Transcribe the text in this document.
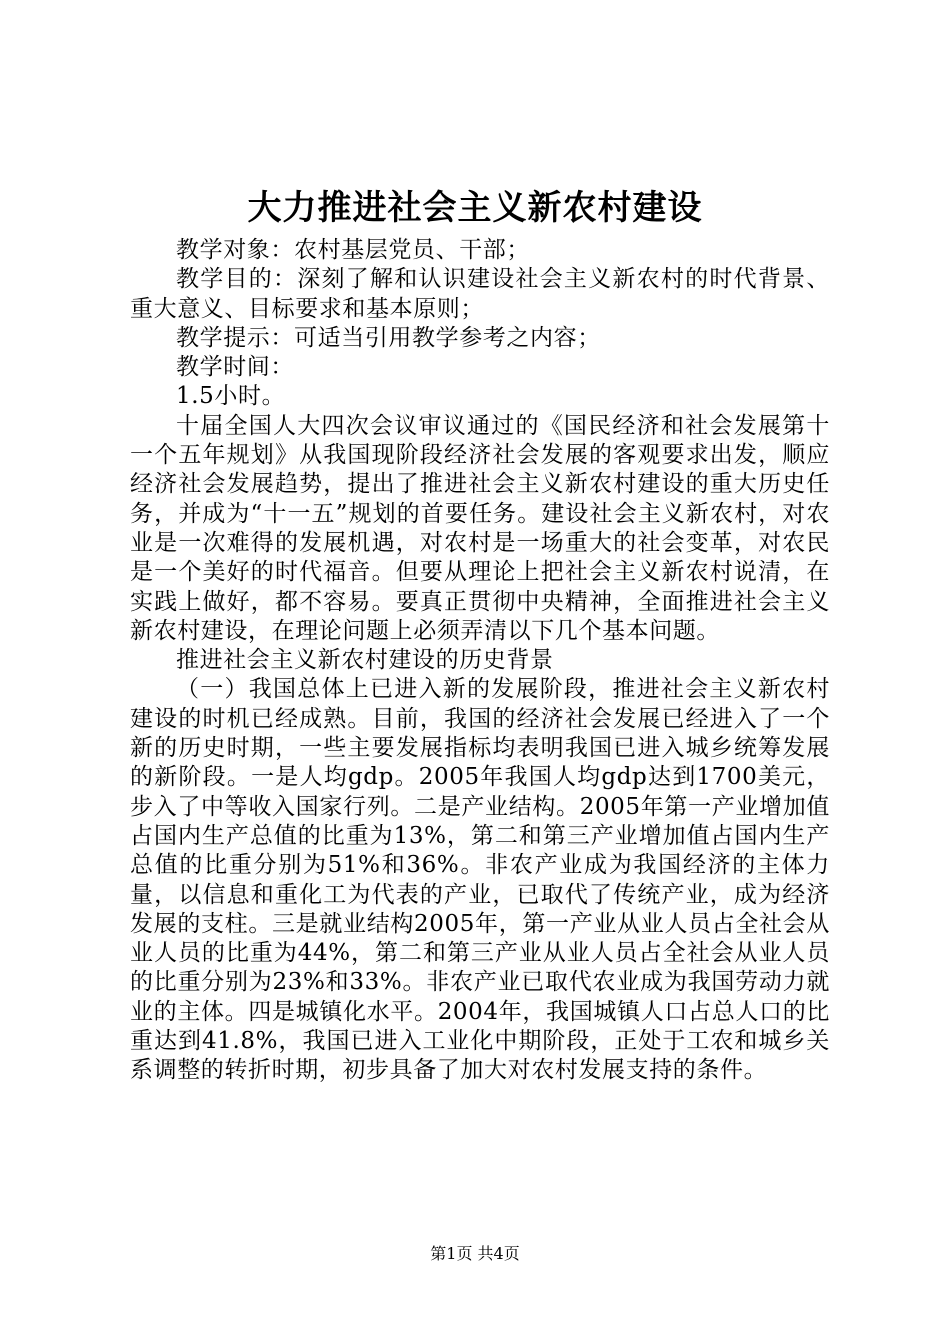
大力推进社会主义新农村建设

教学对象：农村基层党员、干部；

教学目的：深刻了解和认识建设社会主义新农村的时代背景、重大意义、目标要求和基本原则；

教学提示：可适当引用教学参考之内容；

教学时间：

1.5小时。

十届全国人大四次会议审议通过的《国民经济和社会发展第十一个五年规划》从我国现阶段经济社会发展的客观要求出发，顺应经济社会发展趋势，提出了推进社会主义新农村建设的重大历史任务，并成为“十一五”规划的首要任务。建设社会主义新农村，对农业是一次难得的发展机遇，对农村是一场重大的社会变革，对农民是一个美好的时代福音。但要从理论上把社会主义新农村说清，在实践上做好，都不容易。要真正贯彻中央精神，全面推进社会主义新农村建设，在理论问题上必须弄清以下几个基本问题。

推进社会主义新农村建设的历史背景

（一）我国总体上已进入新的发展阶段，推进社会主义新农村建设的时机已经成熟。目前，我国的经济社会发展已经进入了一个新的历史时期，一些主要发展指标均表明我国已进入城乡统筹发展的新阶段。一是人均gdp。2005年我国人均gdp达到1700美元，步入了中等收入国家行列。二是产业结构。2005年第一产业增加值占国内生产总值的比重为13%，第二和第三产业增加值占国内生产总值的比重分别为51%和36%。非农产业成为我国经济的主体力量，以信息和重化工为代表的产业，已取代了传统产业，成为经济发展的支柱。三是就业结构2005年，第一产业从业人员占全社会从业人员的比重为44%，第二和第三产业从业人员占全社会从业人员的比重分别为23%和33%。非农产业已取代农业成为我国劳动力就业的主体。四是城镇化水平。2004年，我国城镇人口占总人口的比重达到41.8%，我国已进入工业化中期阶段，正处于工农和城乡关系调整的转折时期，初步具备了加大对农村发展支持的条件。

第1页 共4页
